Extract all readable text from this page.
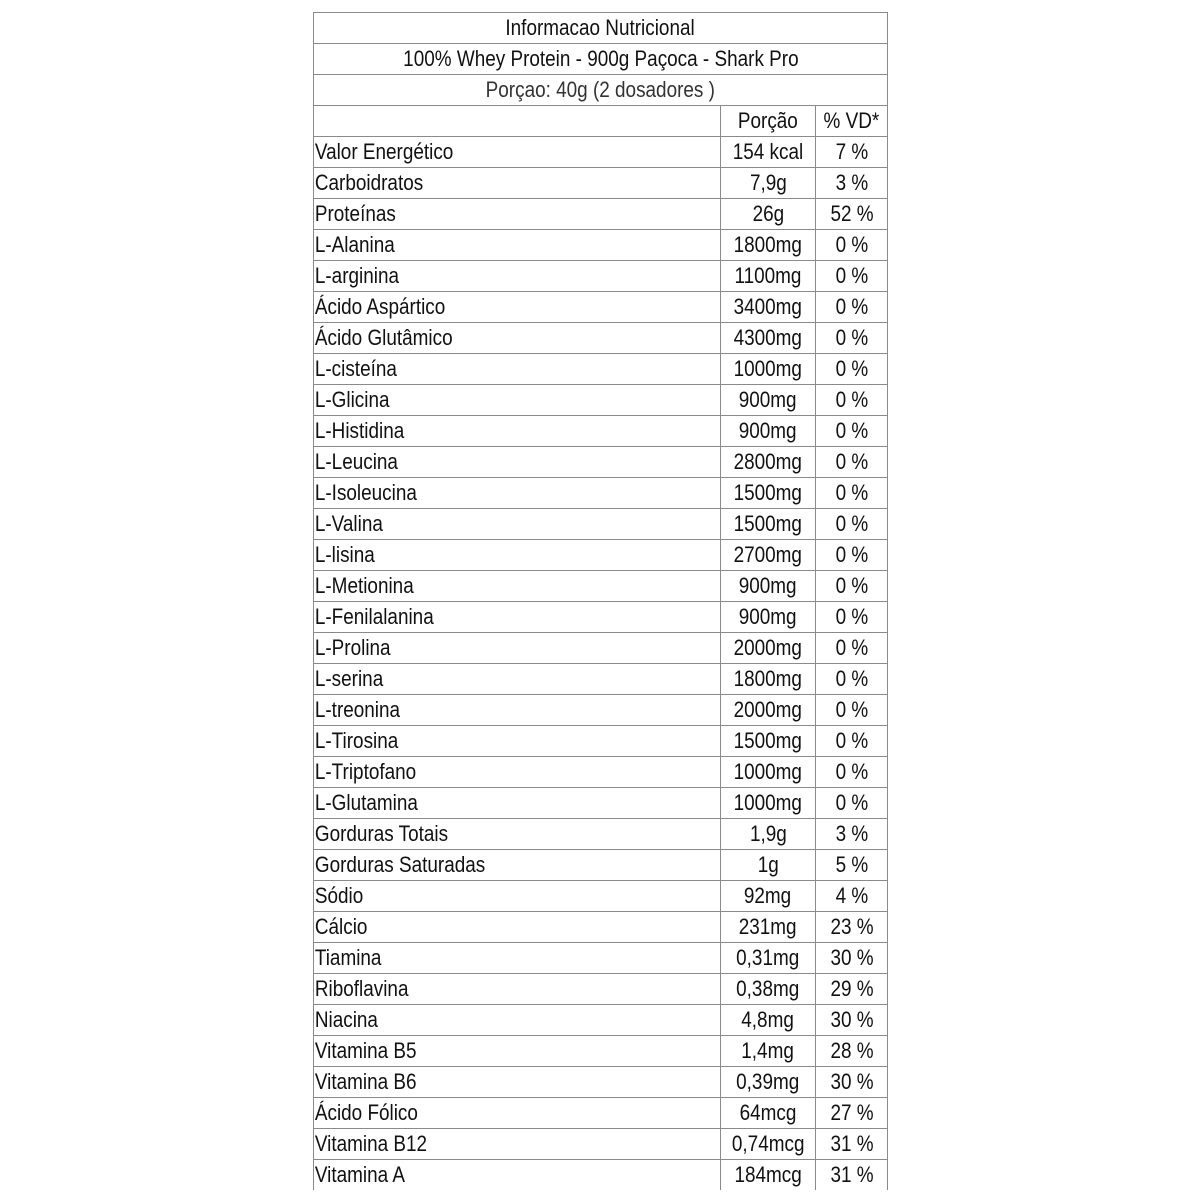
Informacao Nutricional
100% Whey Protein - 900g Paçoca - Shark Pro
Porçao: 40g (2 dosadores )
Porção % VD*
Valor Energético	154 kcal 7 %
Carboidratos	7,9g 3 %
Proteínas	26g 52 %
L-Alanina	1800mg 0 %
L-arginina	1100mg 0 %
Ácido Aspártico	3400mg 0 %
Ácido Glutâmico	4300mg 0 %
L-cisteína	1000mg 0 %
L-Glicina	900mg 0 %
L-Histidina	900mg 0 %
L-Leucina	2800mg 0 %
L-Isoleucina	1500mg 0 %
L-Valina	1500mg 0 %
L-lisina	2700mg 0 %
L-Metionina	900mg 0 %
L-Fenilalanina	900mg 0 %
L-Prolina	2000mg 0 %
L-serina	1800mg 0 %
L-treonina	2000mg 0 %
L-Tirosina	1500mg 0 %
L-Triptofano	1000mg 0 %
L-Glutamina	1000mg 0 %
Gorduras Totais	1,9g 3 %
Gorduras Saturadas	1g	5 %
Sódio	92mg 4 %
Cálcio	231mg 23 %
Tiamina	0,31mg 30 %
Riboflavina	0,38mg 29 %
Niacina	4,8mg 30 %
Vitamina B5	1,4mg 28 %
Vitamina B6	0,39mg 30 %
Ácido Fólico	64mcg 27 %
Vitamina B12	0,74mcg 31 %
Vitamina A	184mcg 31 %
